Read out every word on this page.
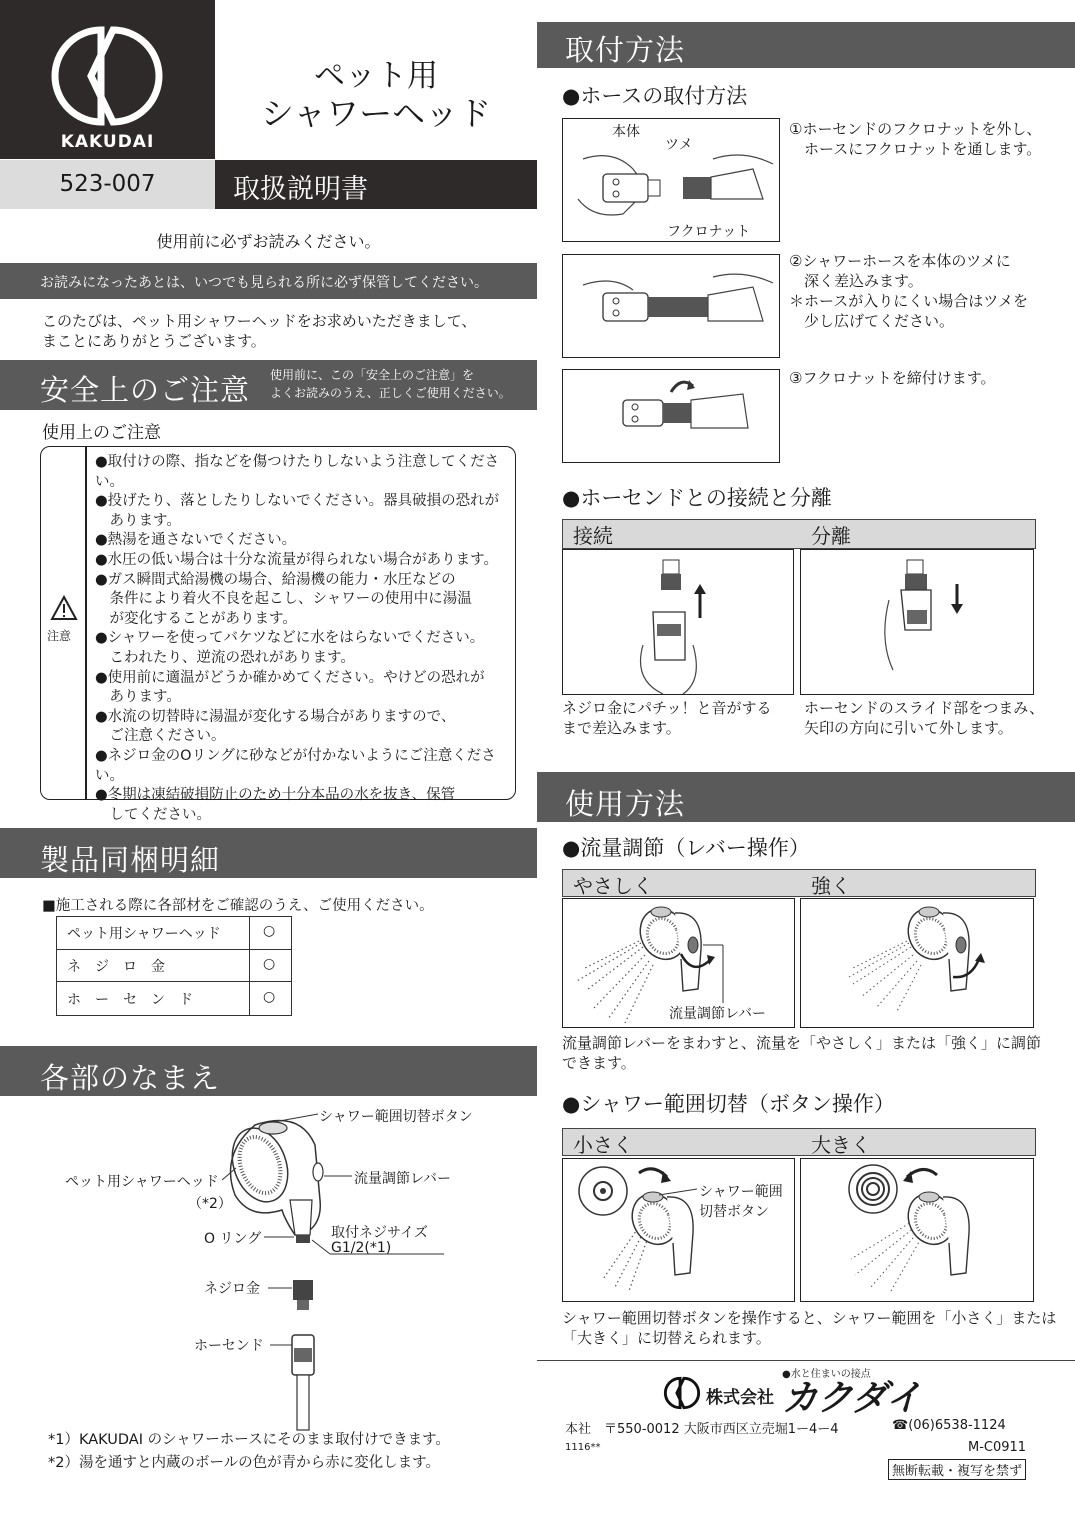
KAKUDAI
ペット用
シャワーヘッド
523-007	取扱説明書
使用前に必ずお読みください。
お読みになったあとは、いつでも見られる所に必ず保管してください。
このたびは、ペット用シャワーヘッドをお求めいただきまして、
まことにありがとうございます。
安全上のご注意 使用前に、この「安全上のご注意」を
よくお読みのうえ、正しくご使用ください。
使用上のご注意
注意
●取付けの際、指などを傷つけたりしないよう注意してください。
●投げたり、落としたりしないでください。器具破損の恐れが
　あります。
●熱湯を通さないでください。
●水圧の低い場合は十分な流量が得られない場合があります。
●ガス瞬間式給湯機の場合、給湯機の能力・水圧などの
　条件により着火不良を起こし、シャワーの使用中に湯温
　が変化することがあります。
●シャワーを使ってバケツなどに水をはらないでください。
　こわれたり、逆流の恐れがあります。
●使用前に適温がどうか確かめてください。やけどの恐れが
　あります。
●水流の切替時に湯温が変化する場合がありますので、
　ご注意ください。
●ネジロ金のOリングに砂などが付かないようにご注意ください。
●冬期は凍結破損防止のため十分本品の水を抜き、保管
　してください。
製品同梱明細
■施工される際に各部材をご確認のうえ、ご使用ください。
ペット用シャワーヘッド	○
ネ　ジ　ロ　金	○
ホ　ー　セ　ン　ド	○
各部のなまえ
シャワー範囲切替ボタン
ペット用シャワーヘッド
（*2）
流量調節レバー
O リング	取付ネジサイズ
G1/2(*1)
ネジロ金
ホーセンド
*1）KAKUDAI のシャワーホースにそのまま取付けできます。
*2）湯を通すと内蔵のボールの色が青から赤に変化します。
取付方法
●ホースの取付方法
本体
ツメ
フクロナット
①ホーセンドのフクロナットを外し、
　ホースにフクロナットを通します。
②シャワーホースを本体のツメに
　深く差込みます。
＊ホースが入りにくい場合はツメを
　少し広げてください。
③フクロナットを締付けます。
●ホーセンドとの接続と分離
接続	分離
ネジロ金にパチッ！と音がする
まで差込みます。
ホーセンドのスライド部をつまみ、
矢印の方向に引いて外します。
使用方法
●流量調節（レバー操作）
やさしく	強く
流量調節レバー
流量調節レバーをまわすと、流量を「やさしく」または「強く」に調節
できます。
●シャワー範囲切替（ボタン操作）
小さく	大きく
シャワー範囲
切替ボタン
シャワー範囲切替ボタンを操作すると、シャワー範囲を「小さく」または
「大きく」に切替えられます。
●水と住まいの接点
株式会社 カクダイ
本社　〒550-0012 大阪市西区立売堀1ー4ー4	☎(06)6538-1124
1116**	M-C0911
無断転載・複写を禁ず
